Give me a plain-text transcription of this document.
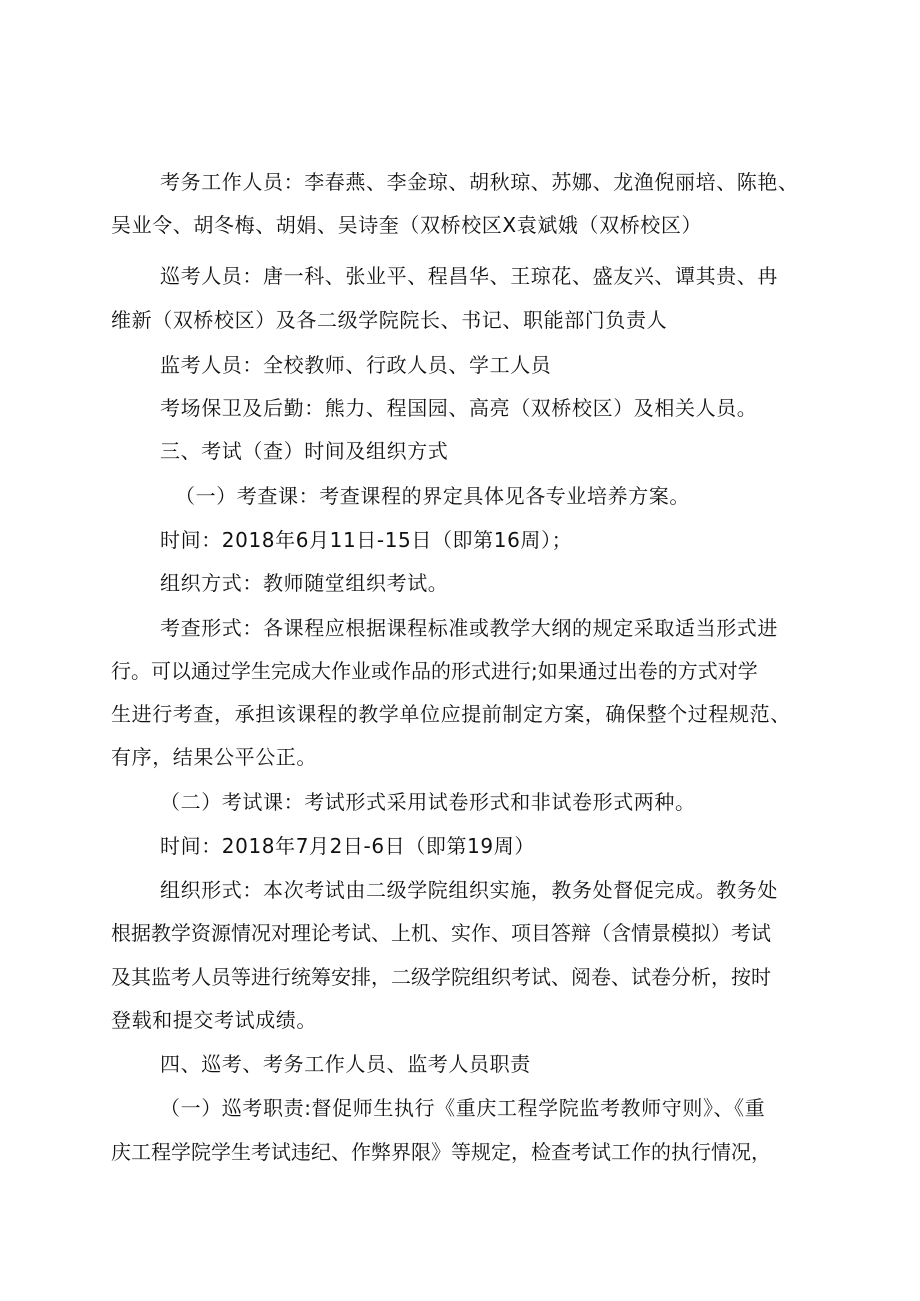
考务工作人员：李春燕、李金琼、胡秋琼、苏娜、龙渔倪丽培、陈艳、
吴业令、胡冬梅、胡娟、吴诗奎（双桥校区X袁斌娥（双桥校区）
巡考人员：唐一科、张业平、程昌华、王琼花、盛友兴、谭其贵、冉
维新（双桥校区）及各二级学院院长、书记、职能部门负责人
监考人员：全校教师、行政人员、学工人员
考场保卫及后勤：熊力、程国园、高亮（双桥校区）及相关人员。
三、考试（查）时间及组织方式
（一）考查课：考查课程的界定具体见各专业培养方案。
时间：2018年6月11日-15日（即第16周）；
组织方式：教师随堂组织考试。
考查形式：各课程应根据课程标准或教学大纲的规定采取适当形式进
行。可以通过学生完成大作业或作品的形式进行;如果通过出卷的方式对学
生进行考查，承担该课程的教学单位应提前制定方案，确保整个过程规范、
有序，结果公平公正。
（二）考试课：考试形式采用试卷形式和非试卷形式两种。
时间：2018年7月2日-6日（即第19周）
组织形式：本次考试由二级学院组织实施，教务处督促完成。教务处
根据教学资源情况对理论考试、上机、实作、项目答辩（含情景模拟）考试
及其监考人员等进行统筹安排，二级学院组织考试、阅卷、试卷分析，按时
登载和提交考试成绩。
四、巡考、考务工作人员、监考人员职责
（一）巡考职责:督促师生执行《重庆工程学院监考教师守则》、《重
庆工程学院学生考试违纪、作弊界限》等规定，检查考试工作的执行情况，
